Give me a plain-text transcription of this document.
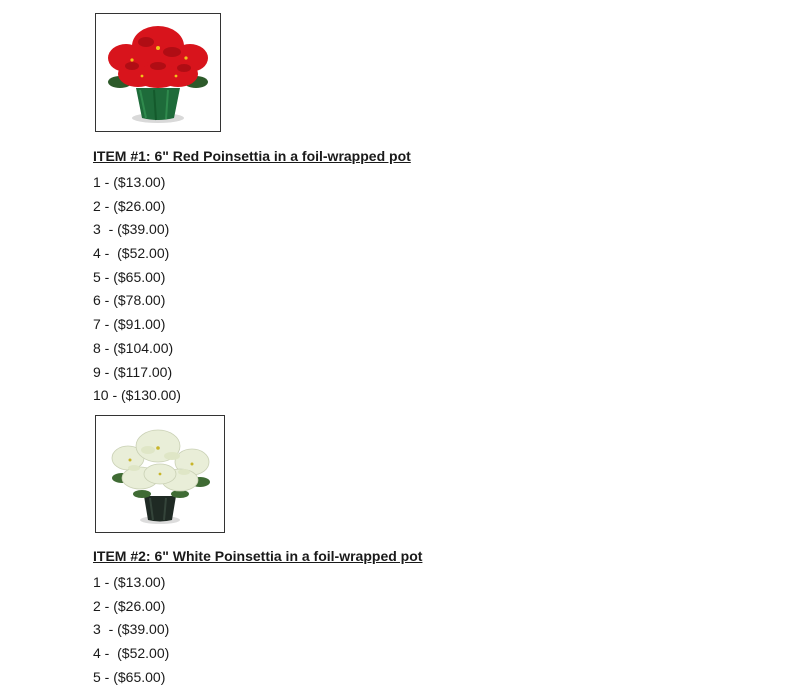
ITEM #1: 6" Red Poinsettia in a foil-wrapped pot
1 - ($13.00)
2 - ($26.00)
3  - ($39.00)
4 -  ($52.00)
5 - ($65.00)
6 - ($78.00)
7 - ($91.00)
8 - ($104.00)
9 - ($117.00)
10 - ($130.00)
ITEM #2: 6" White Poinsettia in a foil-wrapped pot
1 - ($13.00)
2 - ($26.00)
3  - ($39.00)
4 -  ($52.00)
5 - ($65.00)
